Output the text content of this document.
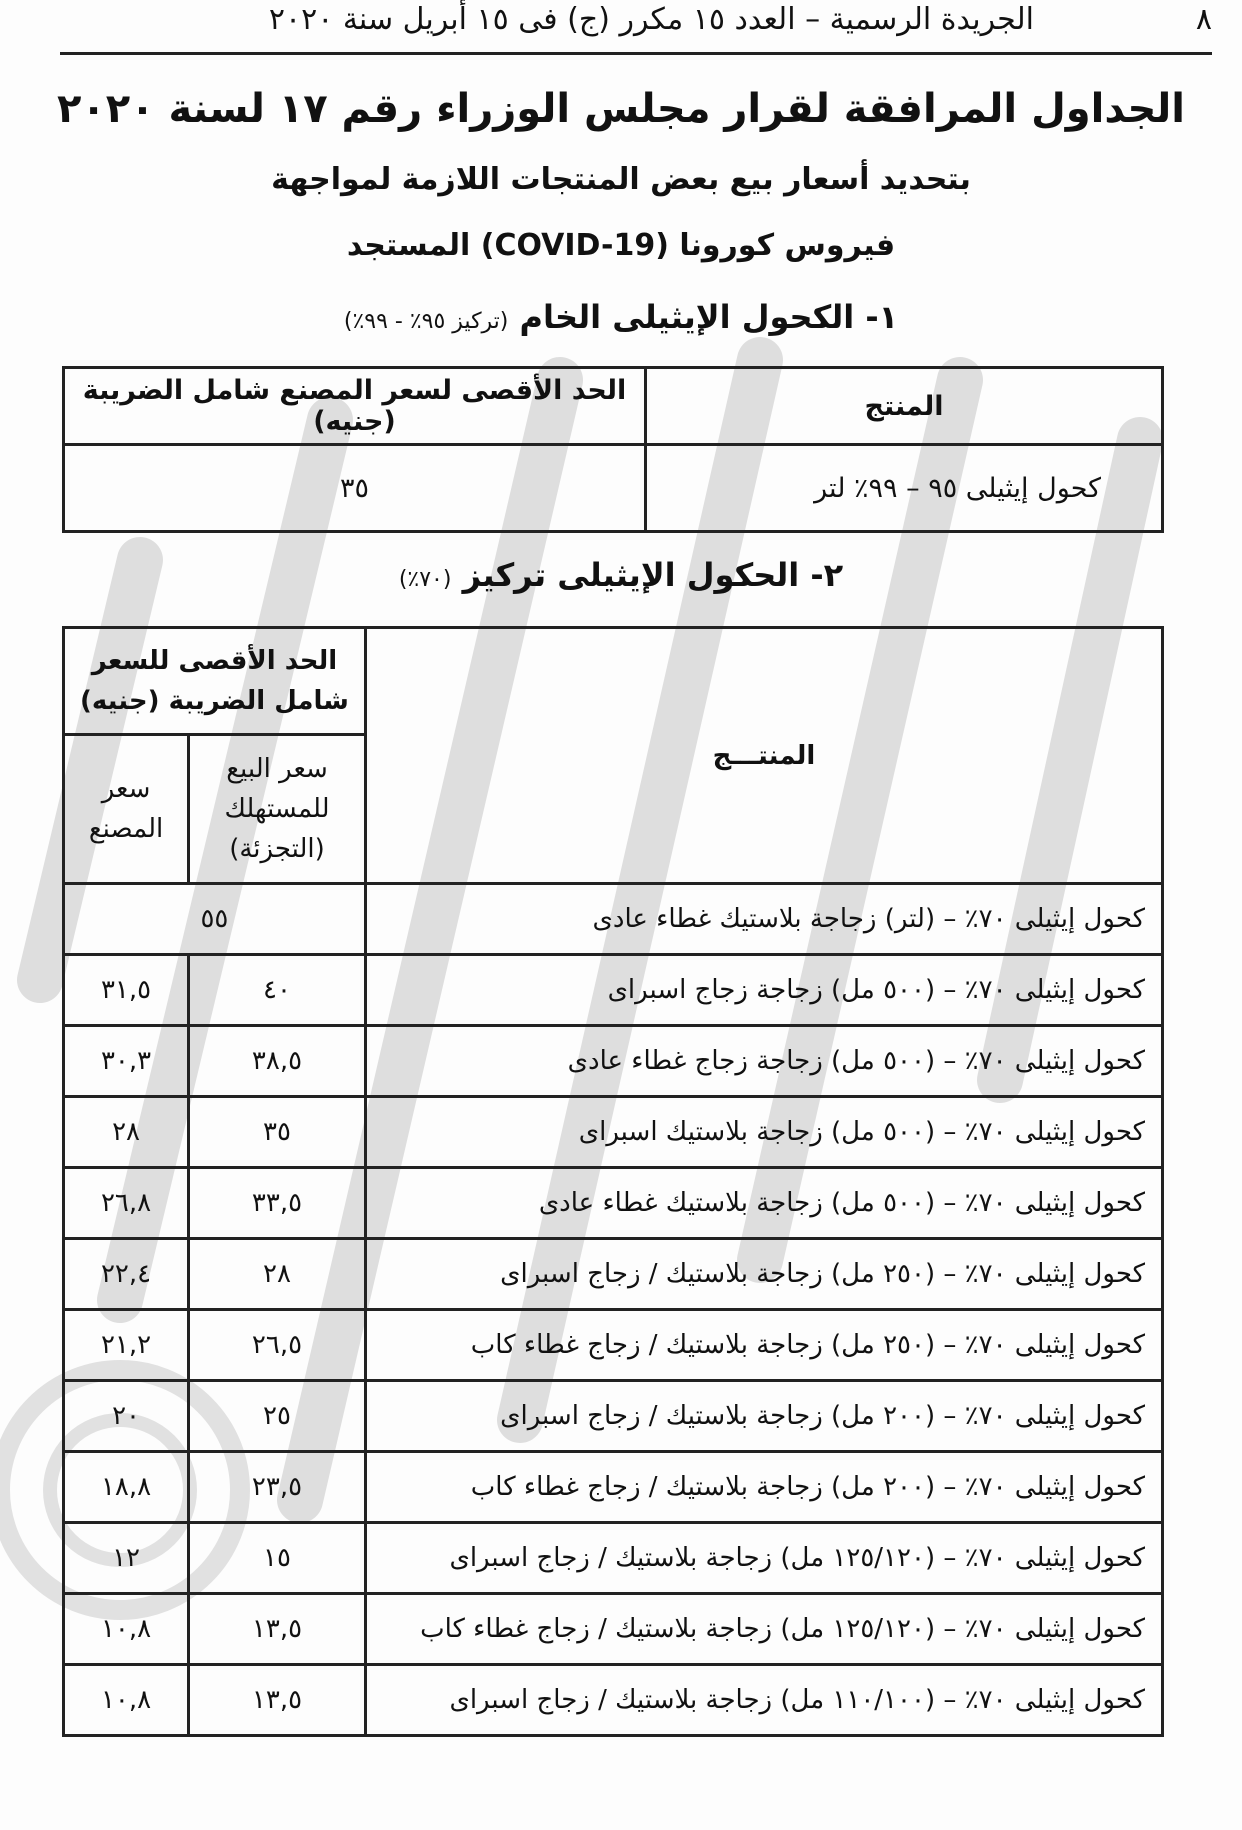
٨
الجريدة الرسمية – العدد ١٥ مكرر (ج) فى ١٥ أبريل سنة ٢٠٢٠
الجداول المرافقة لقرار مجلس الوزراء رقم ١٧ لسنة ٢٠٢٠
بتحديد أسعار بيع بعض المنتجات اللازمة لمواجهة
فيروس كورونا (COVID-19) المستجد
١- الكحول الإيثيلى الخام (تركيز ٩٥٪ - ٩٩٪)
المنتج	الحد الأقصى لسعر المصنع شامل الضريبة (جنيه)
كحول إيثيلى ٩٥ – ٩٩٪ لتر	٣٥
٢- الحكول الإيثيلى تركيز (٧٠٪)
المنتـــج	الحد الأقصى للسعر شامل الضريبة (جنيه)	
	سعر البيع للمستهلك (التجزئة)	سعر المصنع
كحول إيثيلى ٧٠٪ – (لتر) زجاجة بلاستيك غطاء عادى	٥٥	
كحول إيثيلى ٧٠٪ – (٥٠٠ مل) زجاجة زجاج اسبراى	٤٠	٣١,٥
كحول إيثيلى ٧٠٪ – (٥٠٠ مل) زجاجة زجاج غطاء عادى	٣٨,٥	٣٠,٣
كحول إيثيلى ٧٠٪ – (٥٠٠ مل) زجاجة بلاستيك اسبراى	٣٥	٢٨
كحول إيثيلى ٧٠٪ – (٥٠٠ مل) زجاجة بلاستيك غطاء عادى	٣٣,٥	٢٦,٨
كحول إيثيلى ٧٠٪ – (٢٥٠ مل) زجاجة بلاستيك / زجاج اسبراى	٢٨	٢٢,٤
كحول إيثيلى ٧٠٪ – (٢٥٠ مل) زجاجة بلاستيك / زجاج غطاء كاب	٢٦,٥	٢١,٢
كحول إيثيلى ٧٠٪ – (٢٠٠ مل) زجاجة بلاستيك / زجاج اسبراى	٢٥	٢٠
كحول إيثيلى ٧٠٪ – (٢٠٠ مل) زجاجة بلاستيك / زجاج غطاء كاب	٢٣,٥	١٨,٨
كحول إيثيلى ٧٠٪ – (١٢٥/١٢٠ مل) زجاجة بلاستيك / زجاج اسبراى	١٥	١٢
كحول إيثيلى ٧٠٪ – (١٢٥/١٢٠ مل) زجاجة بلاستيك / زجاج غطاء كاب	١٣,٥	١٠,٨
كحول إيثيلى ٧٠٪ – (١١٠/١٠٠ مل) زجاجة بلاستيك / زجاج اسبراى	١٣,٥	١٠,٨
